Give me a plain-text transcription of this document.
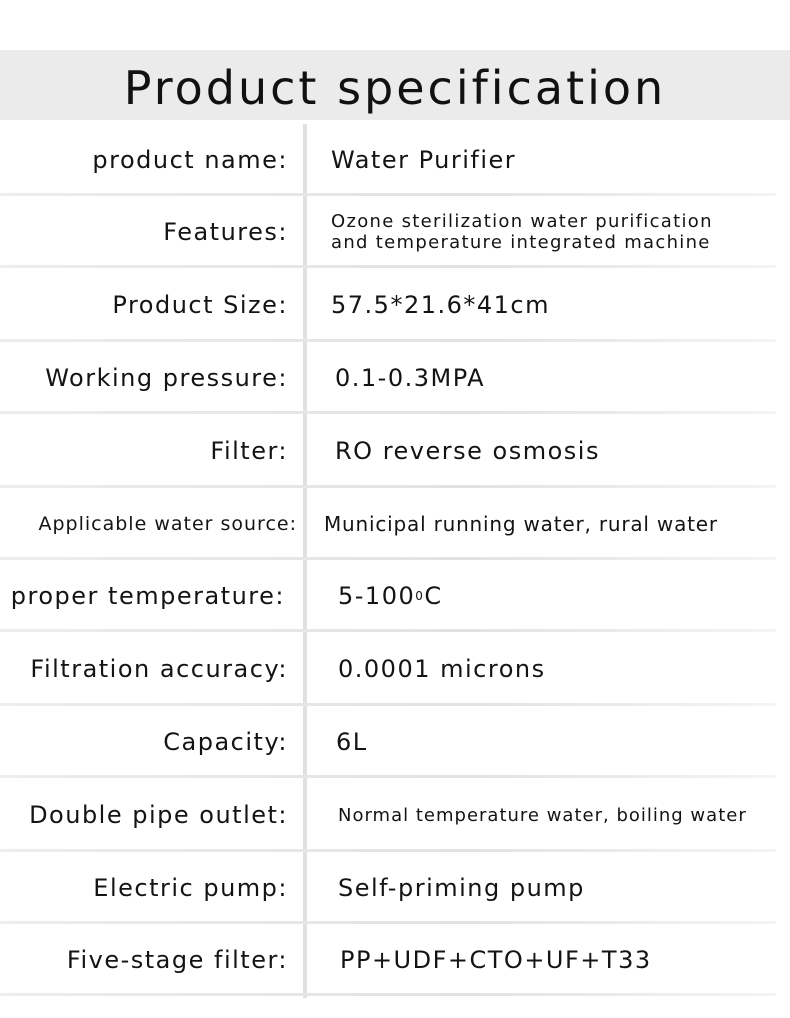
Product specification
product name: Water Purifier
Features: Ozone sterilization water purification
and temperature integrated machine
Product Size: 57.5*21.6*41cm
Working pressure: 0.1-0.3MPA
Filter: RO reverse osmosis
Applicable water source: Municipal running water, rural water
proper temperature: 5-100 0 C
Filtration accuracy: 0.0001 microns
Capacity: 6L
Double pipe outlet:	Normal temperature water, boiling water
Electric pump: Self-priming pump
Five-stage filter: PP+UDF+CTO+UF+T33
